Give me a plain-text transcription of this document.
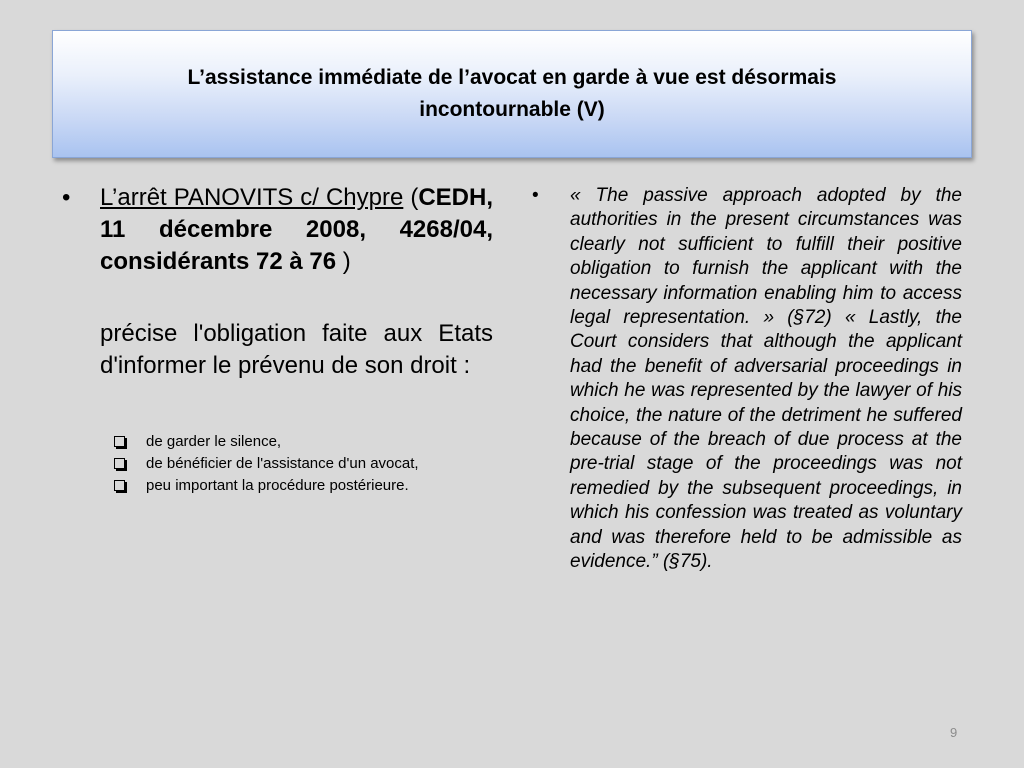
L’assistance immédiate de l’avocat en garde à vue est désormais incontournable (V)
• L’arrêt PANOVITS c/ Chypre (CEDH, 11 décembre 2008, 4268/04, considérants 72 à 76 )
précise l'obligation faite aux Etats d'informer le prévenu de son droit :
de garder le silence,
de bénéficier de l'assistance d'un avocat,
peu important la procédure postérieure.
• « The passive approach adopted by the authorities in the present circumstances was clearly not sufficient to fulfill their positive obligation to furnish the applicant with the necessary information enabling him to access legal representation. » (§72) « Lastly, the Court considers that although the applicant had the benefit of adversarial proceedings in which he was represented by the lawyer of his choice, the nature of the detriment he suffered because of the breach of due process at the pre-trial stage of the proceedings was not remedied by the subsequent proceedings, in which his confession was treated as voluntary and was therefore held to be admissible as evidence.” (§75).
9
